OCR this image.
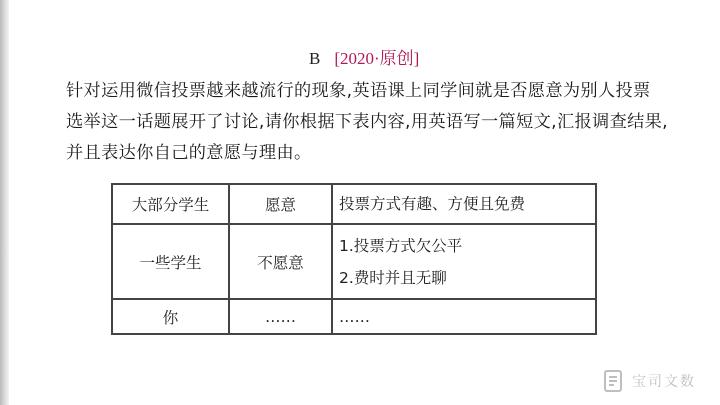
B [2020·原创]
针对运用微信投票越来越流行的现象,英语课上同学间就是否愿意为别人投票
选举这一话题展开了讨论,请你根据下表内容,用英语写一篇短文,汇报调查结果,
并且表达你自己的意愿与理由。
大部分学生	愿意	投票方式有趣、方便且免费

一些学生	不愿意	1.投票方式欠公平
2.费时并且无聊

你	……	……
宝司文数
